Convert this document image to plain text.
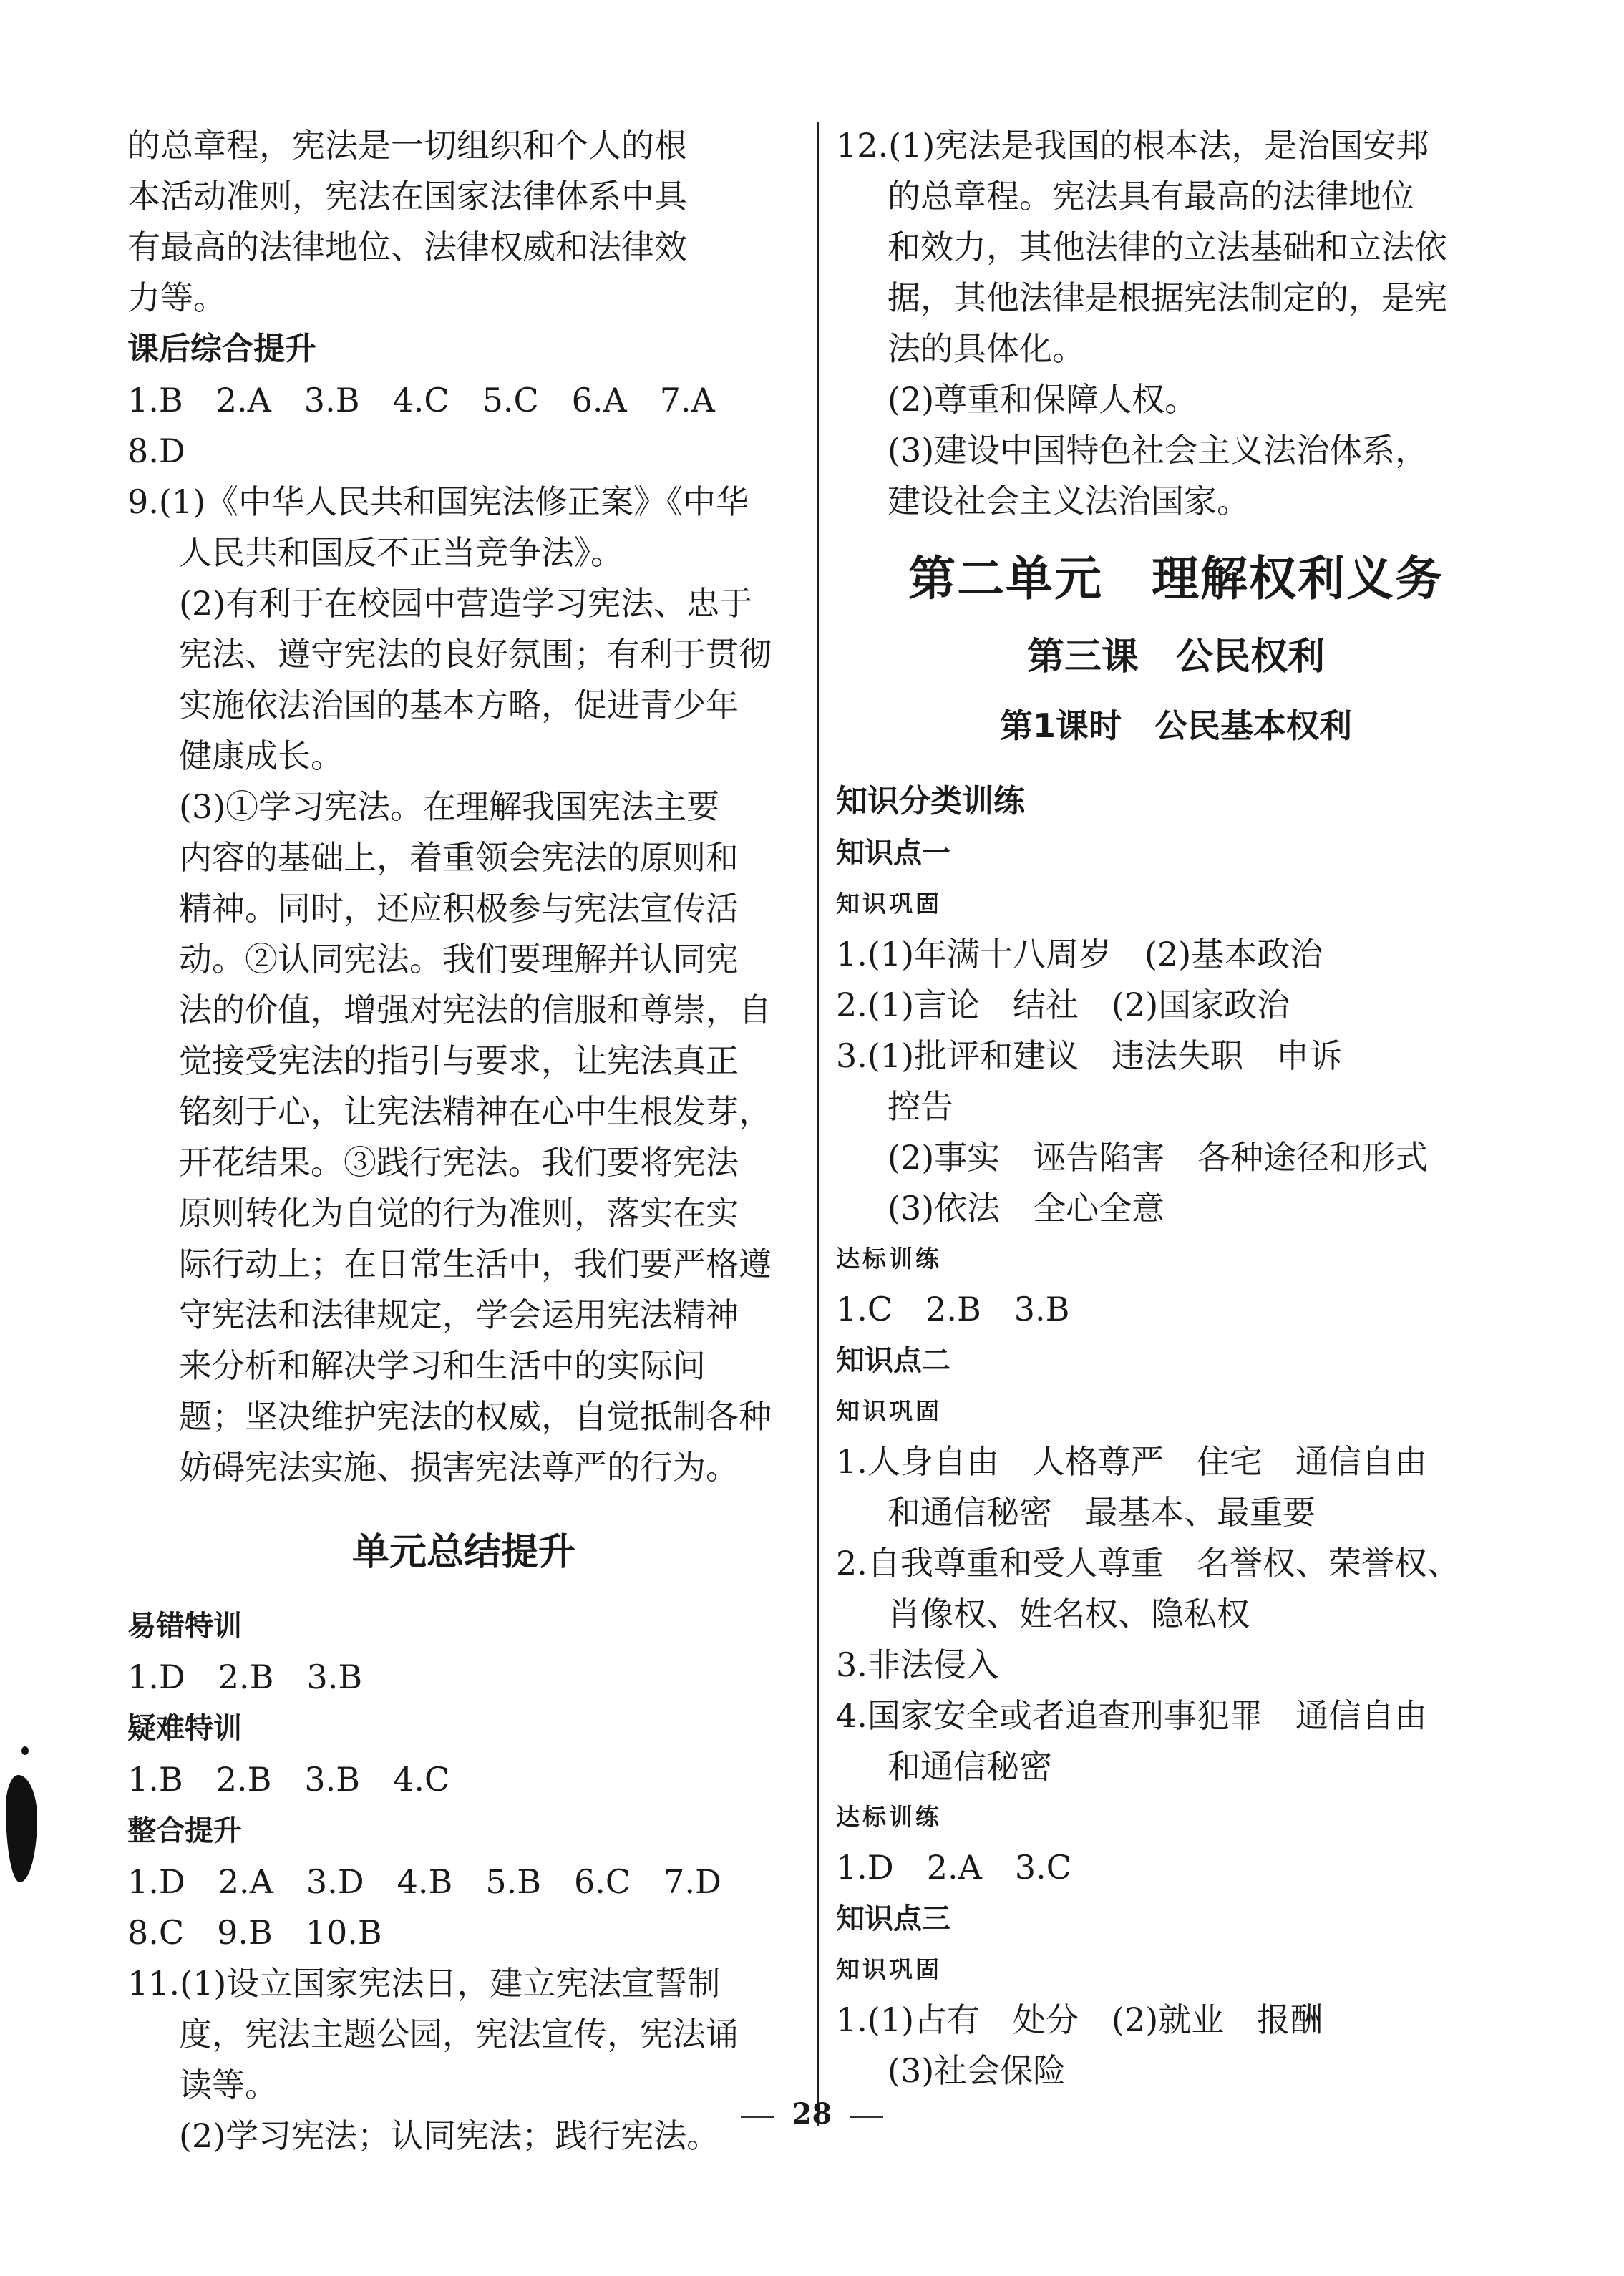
的总章程，宪法是一切组织和个人的根

本活动准则，宪法在国家法律体系中具

有最高的法律地位、法律权威和法律效

力等。

课后综合提升

1.B　2.A　3.B　4.C　5.C　6.A　7.A

8.D

9.(1)《中华人民共和国宪法修正案》《中华

人民共和国反不正当竞争法》。

(2)有利于在校园中营造学习宪法、忠于

宪法、遵守宪法的良好氛围；有利于贯彻

实施依法治国的基本方略，促进青少年

健康成长。

(3)①学习宪法。在理解我国宪法主要

内容的基础上，着重领会宪法的原则和

精神。同时，还应积极参与宪法宣传活

动。②认同宪法。我们要理解并认同宪

法的价值，增强对宪法的信服和尊崇，自

觉接受宪法的指引与要求，让宪法真正

铭刻于心，让宪法精神在心中生根发芽，

开花结果。③践行宪法。我们要将宪法

原则转化为自觉的行为准则，落实在实

际行动上；在日常生活中，我们要严格遵

守宪法和法律规定，学会运用宪法精神

来分析和解决学习和生活中的实际问

题；坚决维护宪法的权威，自觉抵制各种

妨碍宪法实施、损害宪法尊严的行为。

单元总结提升

易错特训

1.D　2.B　3.B

疑难特训

1.B　2.B　3.B　4.C

整合提升

1.D　2.A　3.D　4.B　5.B　6.C　7.D

8.C　9.B　10.B

11.(1)设立国家宪法日，建立宪法宣誓制

度，宪法主题公园，宪法宣传，宪法诵

读等。

(2)学习宪法；认同宪法；践行宪法。

12.(1)宪法是我国的根本法，是治国安邦

的总章程。宪法具有最高的法律地位

和效力，其他法律的立法基础和立法依

据，其他法律是根据宪法制定的，是宪

法的具体化。

(2)尊重和保障人权。

(3)建设中国特色社会主义法治体系，

建设社会主义法治国家。

第二单元　理解权利义务

第三课　公民权利

第1课时　公民基本权利

知识分类训练

知识点一

知识巩固

1.(1)年满十八周岁　(2)基本政治

2.(1)言论　结社　(2)国家政治

3.(1)批评和建议　违法失职　申诉

控告

(2)事实　诬告陷害　各种途径和形式

(3)依法　全心全意

达标训练

1.C　2.B　3.B

知识点二

知识巩固

1.人身自由　人格尊严　住宅　通信自由

和通信秘密　最基本、最重要

2.自我尊重和受人尊重　名誉权、荣誉权、

肖像权、姓名权、隐私权

3.非法侵入

4.国家安全或者追查刑事犯罪　通信自由

和通信秘密

达标训练

1.D　2.A　3.C

知识点三

知识巩固

1.(1)占有　处分　(2)就业　报酬

(3)社会保险

28
